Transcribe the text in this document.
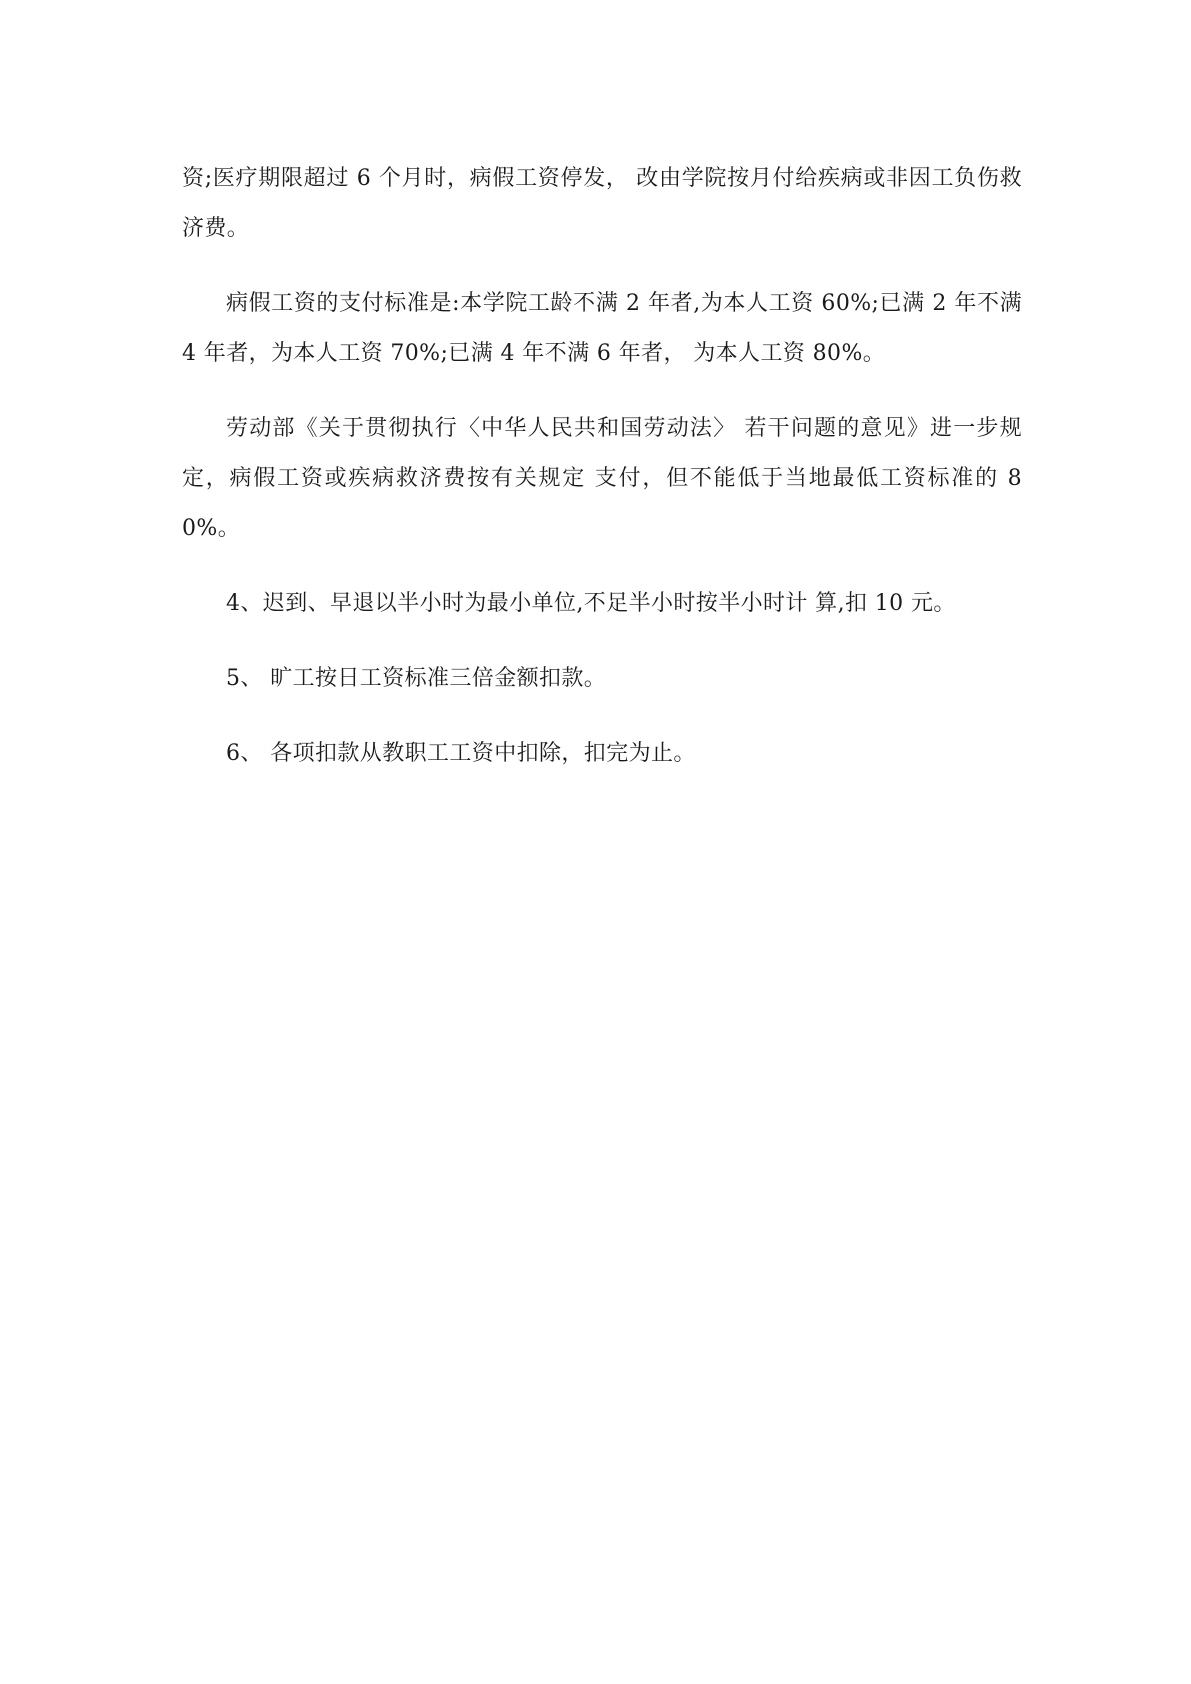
资;医疗期限超过 6 个月时，病假工资停发， 改由学院按月付给疾病或非因工负伤救济费。

病假工资的支付标准是:本学院工龄不满 2 年者,为本人工资 60%;已满 2 年不满 4 年者，为本人工资 70%;已满 4 年不满 6 年者， 为本人工资 80%。

劳动部《关于贯彻执行〈中华人民共和国劳动法〉 若干问题的意见》进一步规定，病假工资或疾病救济费按有关规定 支付，但不能低于当地最低工资标准的 80%。

4、迟到、早退以半小时为最小单位,不足半小时按半小时计 算,扣 10 元。

5、 旷工按日工资标准三倍金额扣款。

6、 各项扣款从教职工工资中扣除，扣完为止。
